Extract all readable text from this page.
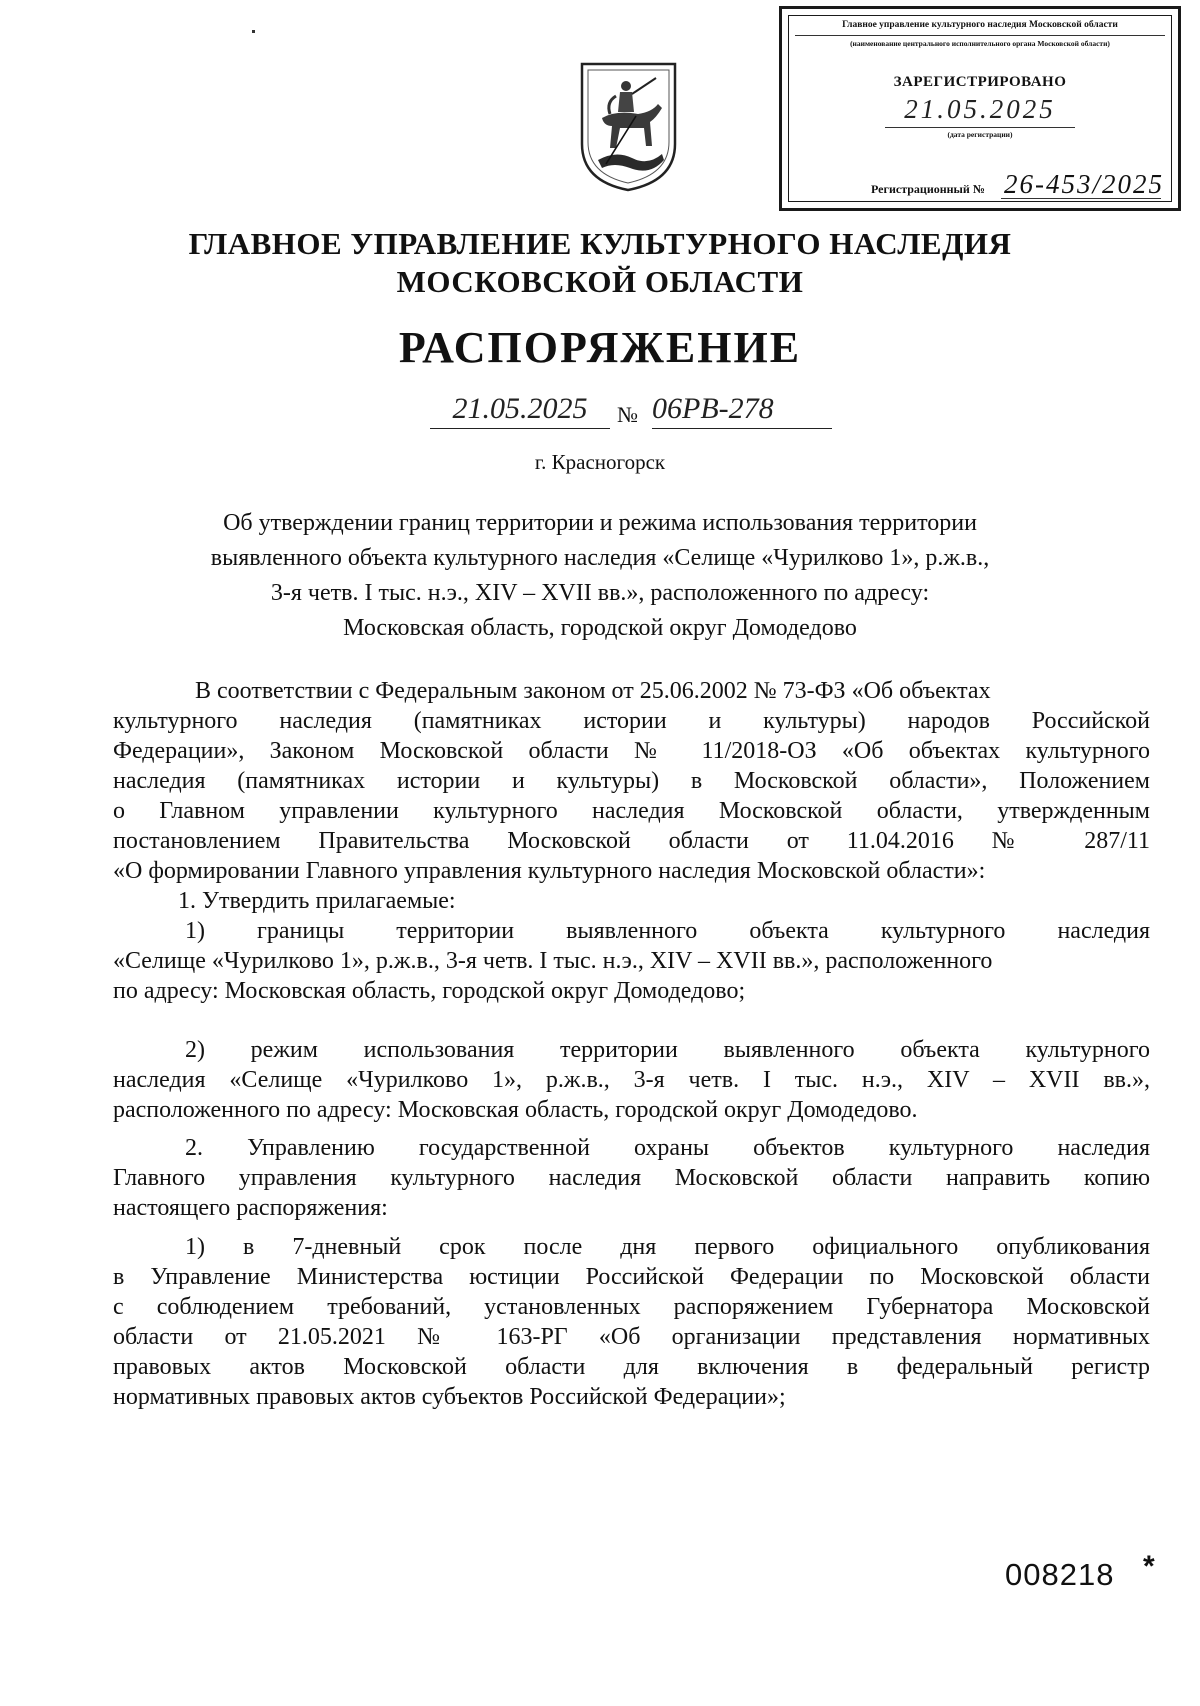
Главное управление культурного наследия Московской области
(наименование центрального исполнительного органа Московской области)
ЗАРЕГИСТРИРОВАНО
21.05.2025
(дата регистрации)
Регистрационный № 26-453/2025
ГЛАВНОЕ УПРАВЛЕНИЕ КУЛЬТУРНОГО НАСЛЕДИЯ
МОСКОВСКОЙ ОБЛАСТИ
РАСПОРЯЖЕНИЕ
21.05.2025	№ 06РВ-278
г. Красногорск
Об утверждении границ территории и режима использования территории
выявленного объекта культурного наследия «Селище «Чурилково 1», р.ж.в.,
3-я четв. I тыс. н.э., XIV – XVII вв.», расположенного по адресу:
Московская область, городской округ Домодедово
В соответствии с Федеральным законом от 25.06.2002 № 73-ФЗ «Об объектах
культурного наследия (памятниках истории и культуры) народов Российской
Федерации», Законом Московской области № 11/2018-ОЗ «Об объектах культурного
наследия (памятниках истории и культуры) в Московской области», Положением
о Главном управлении культурного наследия Московской области, утвержденным
постановлением Правительства Московской области от 11.04.2016 № 287/11
«О формировании Главного управления культурного наследия Московской области»:
1. Утвердить прилагаемые:
1) границы территории выявленного объекта культурного наследия
«Селище «Чурилково 1», р.ж.в., 3-я четв. I тыс. н.э., XIV – XVII вв.», расположенного
по адресу: Московская область, городской округ Домодедово;
2) режим использования территории выявленного объекта культурного
наследия «Селище «Чурилково 1», р.ж.в., 3-я четв. I тыс. н.э., XIV – XVII вв.»,
расположенного по адресу: Московская область, городской округ Домодедово.
2. Управлению государственной охраны объектов культурного наследия
Главного управления культурного наследия Московской области направить копию
настоящего распоряжения:
1) в 7-дневный срок после дня первого официального опубликования
в Управление Министерства юстиции Российской Федерации по Московской области
с соблюдением требований, установленных распоряжением Губернатора Московской
области от 21.05.2021 № 163-РГ «Об организации представления нормативных
правовых актов Московской области для включения в федеральный регистр
нормативных правовых актов субъектов Российской Федерации»;
008218 *
